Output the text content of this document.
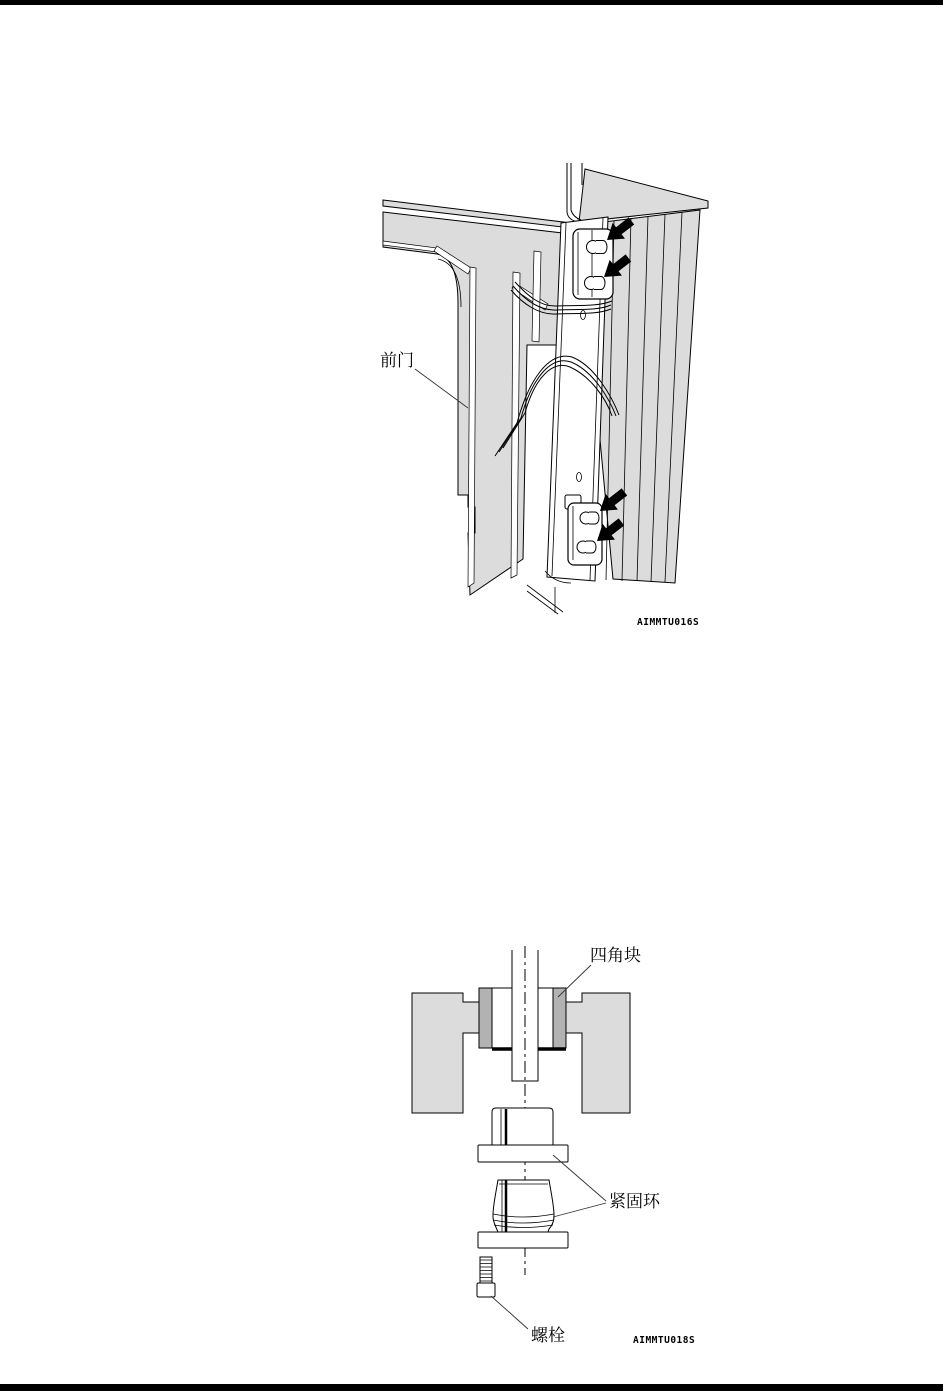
前门
AIMMTU016S
四角块
紧固环
螺栓	AIMMTU018S
